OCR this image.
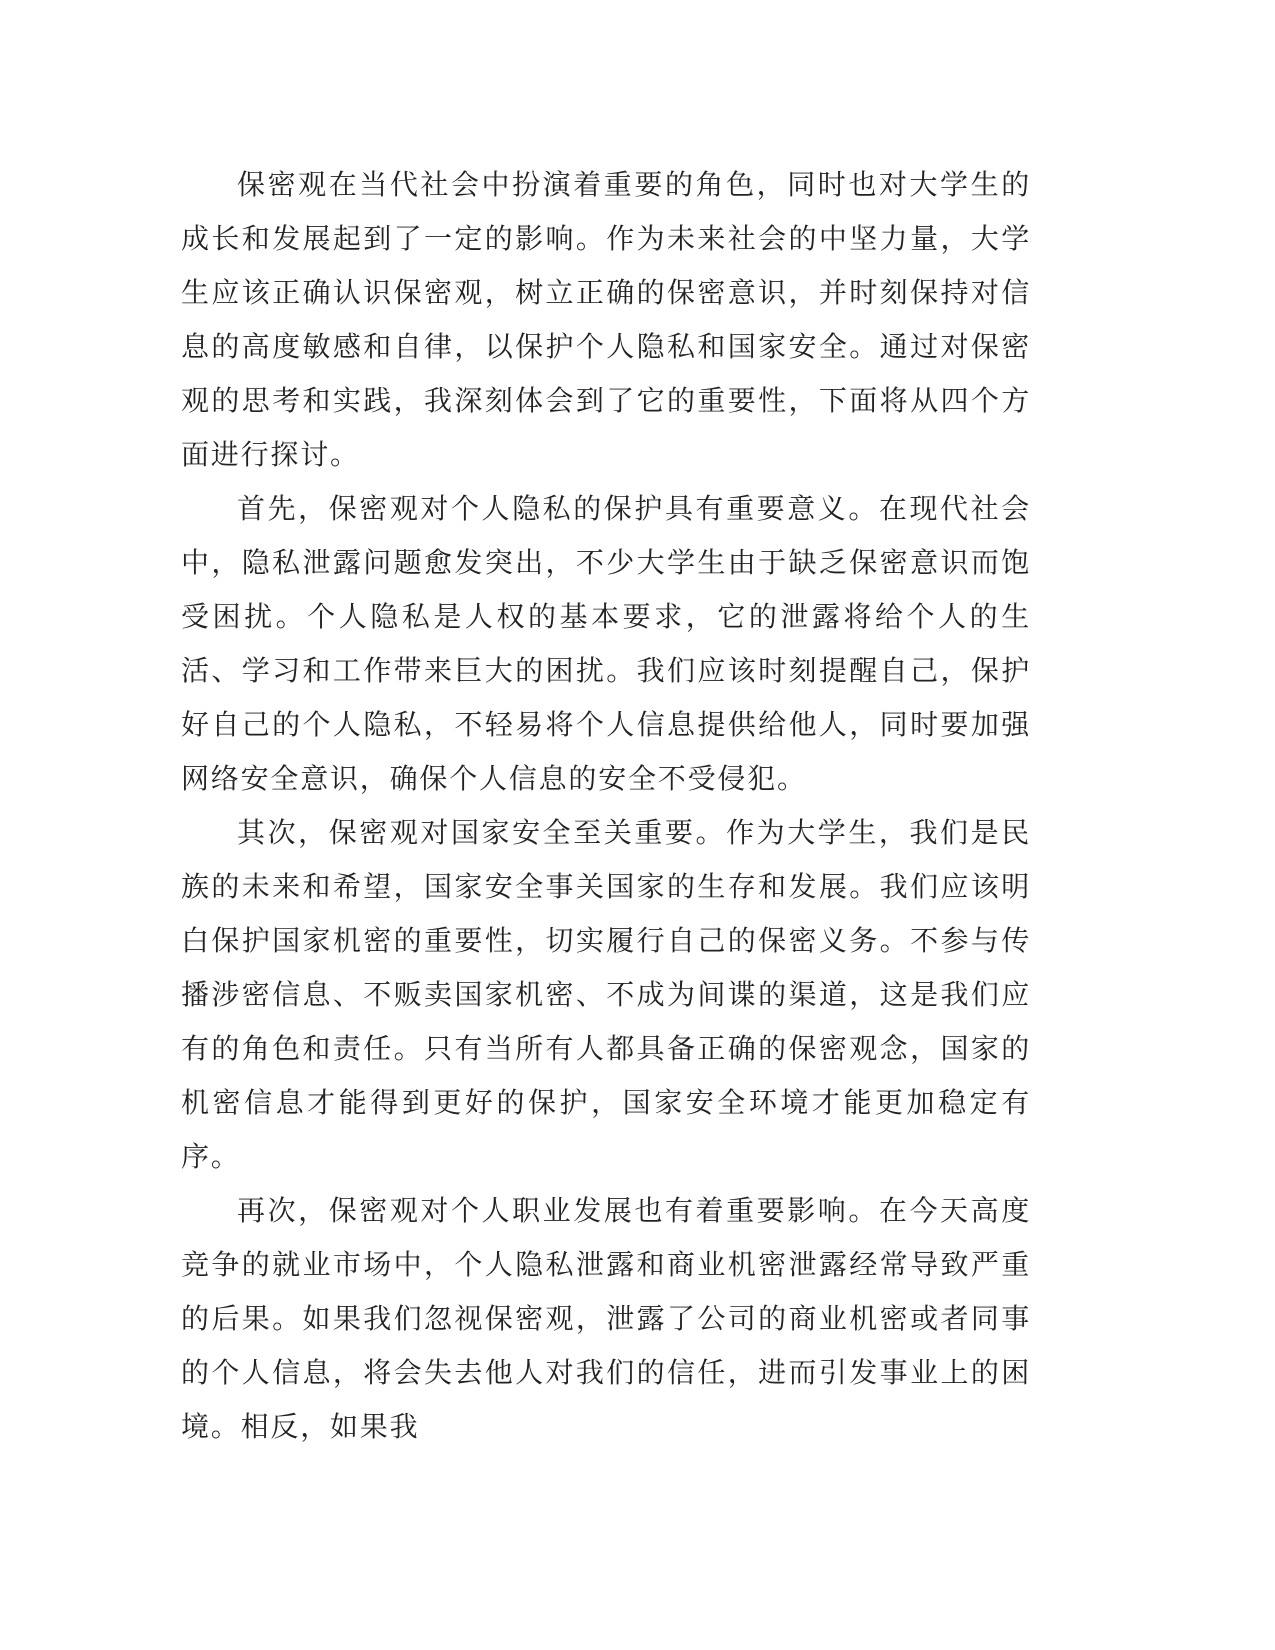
保密观在当代社会中扮演着重要的角色，同时也对大学生的成长和发展起到了一定的影响。作为未来社会的中坚力量，大学生应该正确认识保密观，树立正确的保密意识，并时刻保持对信息的高度敏感和自律，以保护个人隐私和国家安全。通过对保密观的思考和实践，我深刻体会到了它的重要性，下面将从四个方面进行探讨。

首先，保密观对个人隐私的保护具有重要意义。在现代社会中，隐私泄露问题愈发突出，不少大学生由于缺乏保密意识而饱受困扰。个人隐私是人权的基本要求，它的泄露将给个人的生活、学习和工作带来巨大的困扰。我们应该时刻提醒自己，保护好自己的个人隐私，不轻易将个人信息提供给他人，同时要加强网络安全意识，确保个人信息的安全不受侵犯。

其次，保密观对国家安全至关重要。作为大学生，我们是民族的未来和希望，国家安全事关国家的生存和发展。我们应该明白保护国家机密的重要性，切实履行自己的保密义务。不参与传播涉密信息、不贩卖国家机密、不成为间谍的渠道，这是我们应有的角色和责任。只有当所有人都具备正确的保密观念，国家的机密信息才能得到更好的保护，国家安全环境才能更加稳定有序。

再次，保密观对个人职业发展也有着重要影响。在今天高度竞争的就业市场中，个人隐私泄露和商业机密泄露经常导致严重的后果。如果我们忽视保密观，泄露了公司的商业机密或者同事的个人信息，将会失去他人对我们的信任，进而引发事业上的困境。相反，如果我
